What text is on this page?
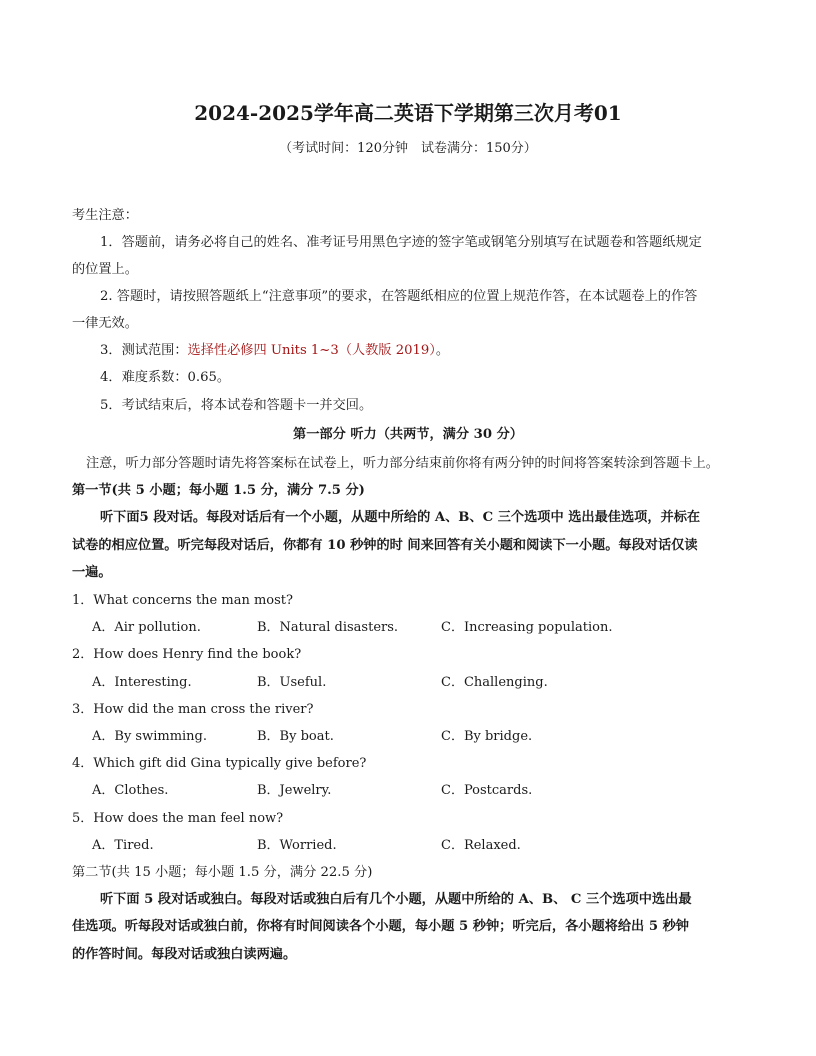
2024-2025学年高二英语下学期第三次月考01
（考试时间：120分钟　试卷满分：150分）
考生注意：
1．答题前，请务必将自己的姓名、准考证号用黑色字迹的签字笔或钢笔分别填写在试题卷和答题纸规定
的位置上。
2. 答题时，请按照答题纸上“注意事项”的要求，在答题纸相应的位置上规范作答，在本试题卷上的作答
一律无效。
3．测试范围：选择性必修四 Units 1~3（人教版 2019）。
4．难度系数：0.65。
5．考试结束后，将本试卷和答题卡一并交回。
第一部分 听力（共两节，满分 30 分）
注意，听力部分答题时请先将答案标在试卷上，听力部分结束前你将有两分钟的时间将答案转涂到答题卡上。
第一节(共 5 小题；每小题 1.5 分，满分 7.5 分)
听下面5 段对话。每段对话后有一个小题，从题中所给的 A、B、C 三个选项中 选出最佳选项，并标在
试卷的相应位置。听完每段对话后，你都有 10 秒钟的时 间来回答有关小题和阅读下一小题。每段对话仅读
一遍。
1．What concerns the man most?
A．Air pollution.	B．Natural disasters.	C．Increasing population.
2．How does Henry find the book?
A．Interesting.	B．Useful.	C．Challenging.
3．How did the man cross the river?
A．By swimming.	B．By boat.	C．By bridge.
4．Which gift did Gina typically give before?
A．Clothes.	B．Jewelry.	C．Postcards.
5．How does the man feel now?
A．Tired.	B．Worried.	C．Relaxed.
第二节(共 15 小题；每小题 1.5 分，满分 22.5 分)
听下面 5 段对话或独白。每段对话或独白后有几个小题，从题中所给的 A、B、 C 三个选项中选出最
佳选项。听每段对话或独白前，你将有时间阅读各个小题，每小题 5 秒钟；听完后，各小题将给出 5 秒钟
的作答时间。每段对话或独白读两遍。
